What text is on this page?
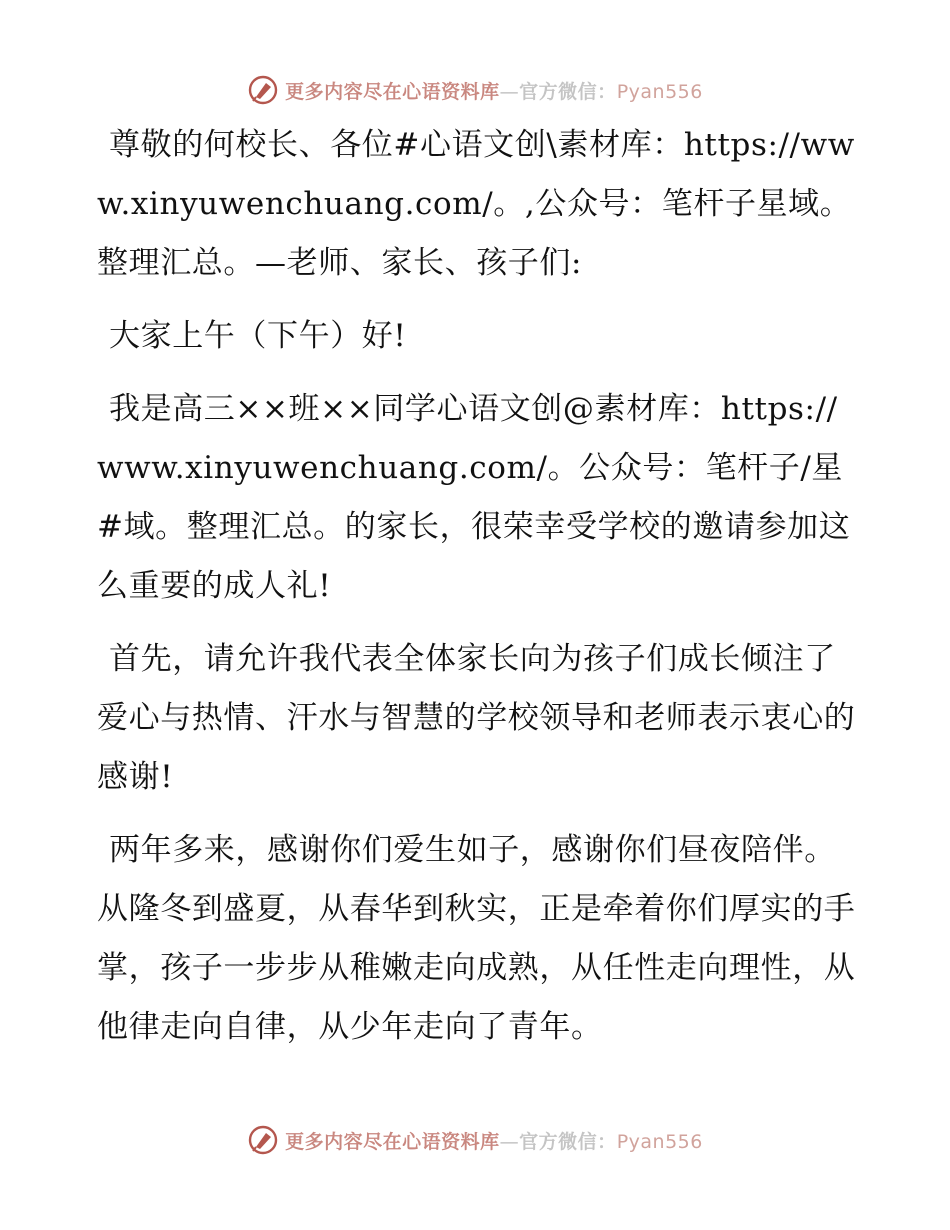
更多内容尽在心语资料库—官方微信：Pyan556

尊敬的何校长、各位#心语文创\素材库：https://www.xinyuwenchuang.com/。,公众号：笔杆子星域。整理汇总。—老师、家长、孩子们:

大家上午（下午）好!

我是高三××班××同学心语文创@素材库：https://www.xinyuwenchuang.com/。公众号：笔杆子/星#域。整理汇总。的家长，很荣幸受学校的邀请参加这么重要的成人礼!

首先，请允许我代表全体家长向为孩子们成长倾注了爱心与热情、汗水与智慧的学校领导和老师表示衷心的感谢!

两年多来，感谢你们爱生如子，感谢你们昼夜陪伴。从隆冬到盛夏，从春华到秋实，正是牵着你们厚实的手掌，孩子一步步从稚嫩走向成熟，从任性走向理性，从他律走向自律，从少年走向了青年。

更多内容尽在心语资料库—官方微信：Pyan556
